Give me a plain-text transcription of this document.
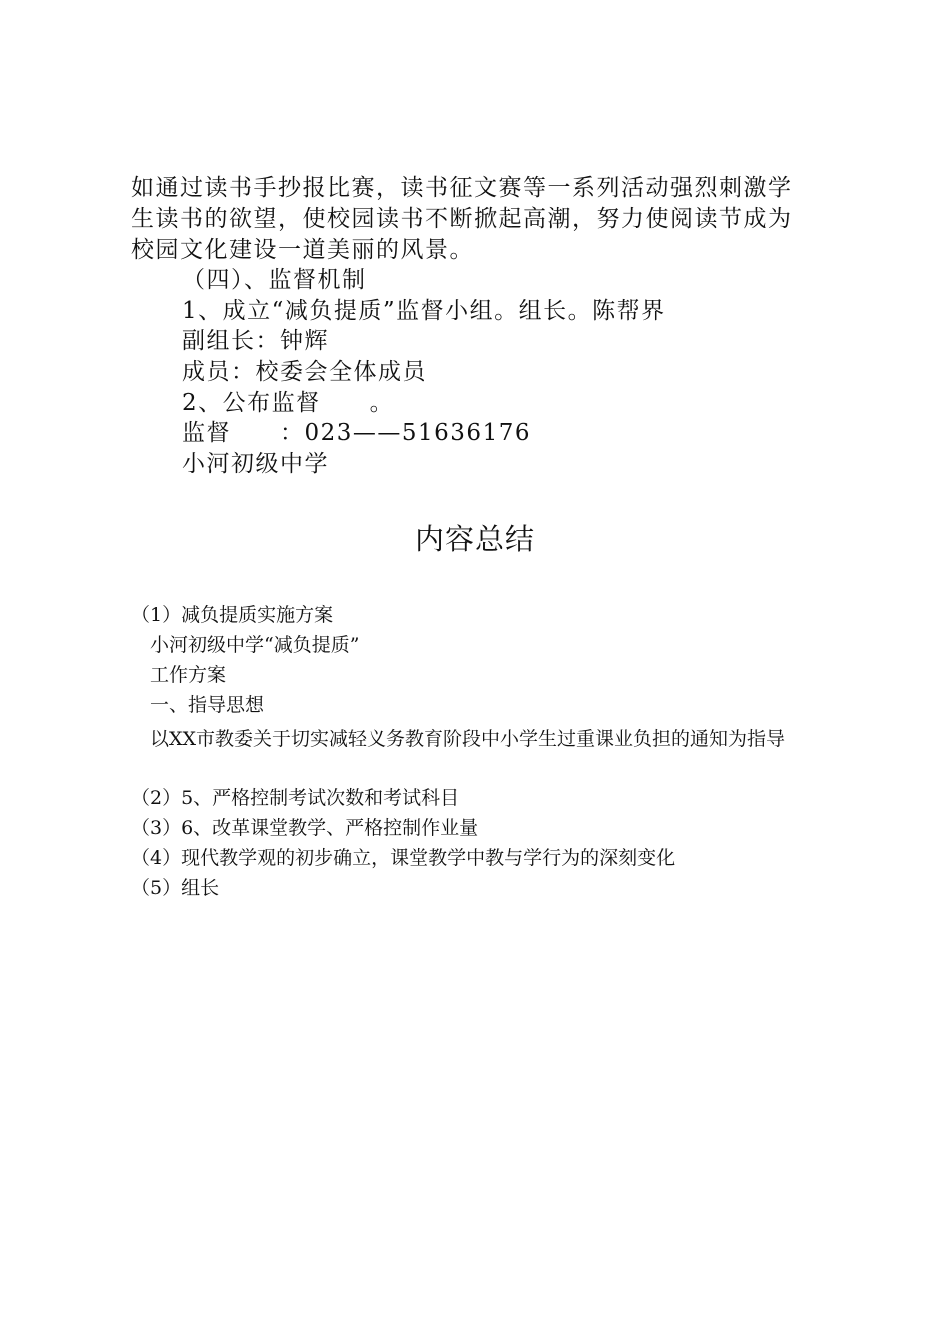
如通过读书手抄报比赛，读书征文赛等一系列活动强烈刺激学
生读书的欲望，使校园读书不断掀起高潮，努力使阅读节成为
校园文化建设一道美丽的风景。
（四）、监督机制
1、成立“减负提质”监督小组。组长。陈帮界
副组长：钟辉
成员：校委会全体成员
2、公布监督　　。
监督　　：023——51636176
小河初级中学
内容总结
（1）减负提质实施方案
小河初级中学“减负提质”
工作方案
一、指导思想
以XX市教委关于切实减轻义务教育阶段中小学生过重课业负担的通知为指导
（2）5、严格控制考试次数和考试科目
（3）6、改革课堂教学、严格控制作业量
（4）现代教学观的初步确立，课堂教学中教与学行为的深刻变化
（5）组长
